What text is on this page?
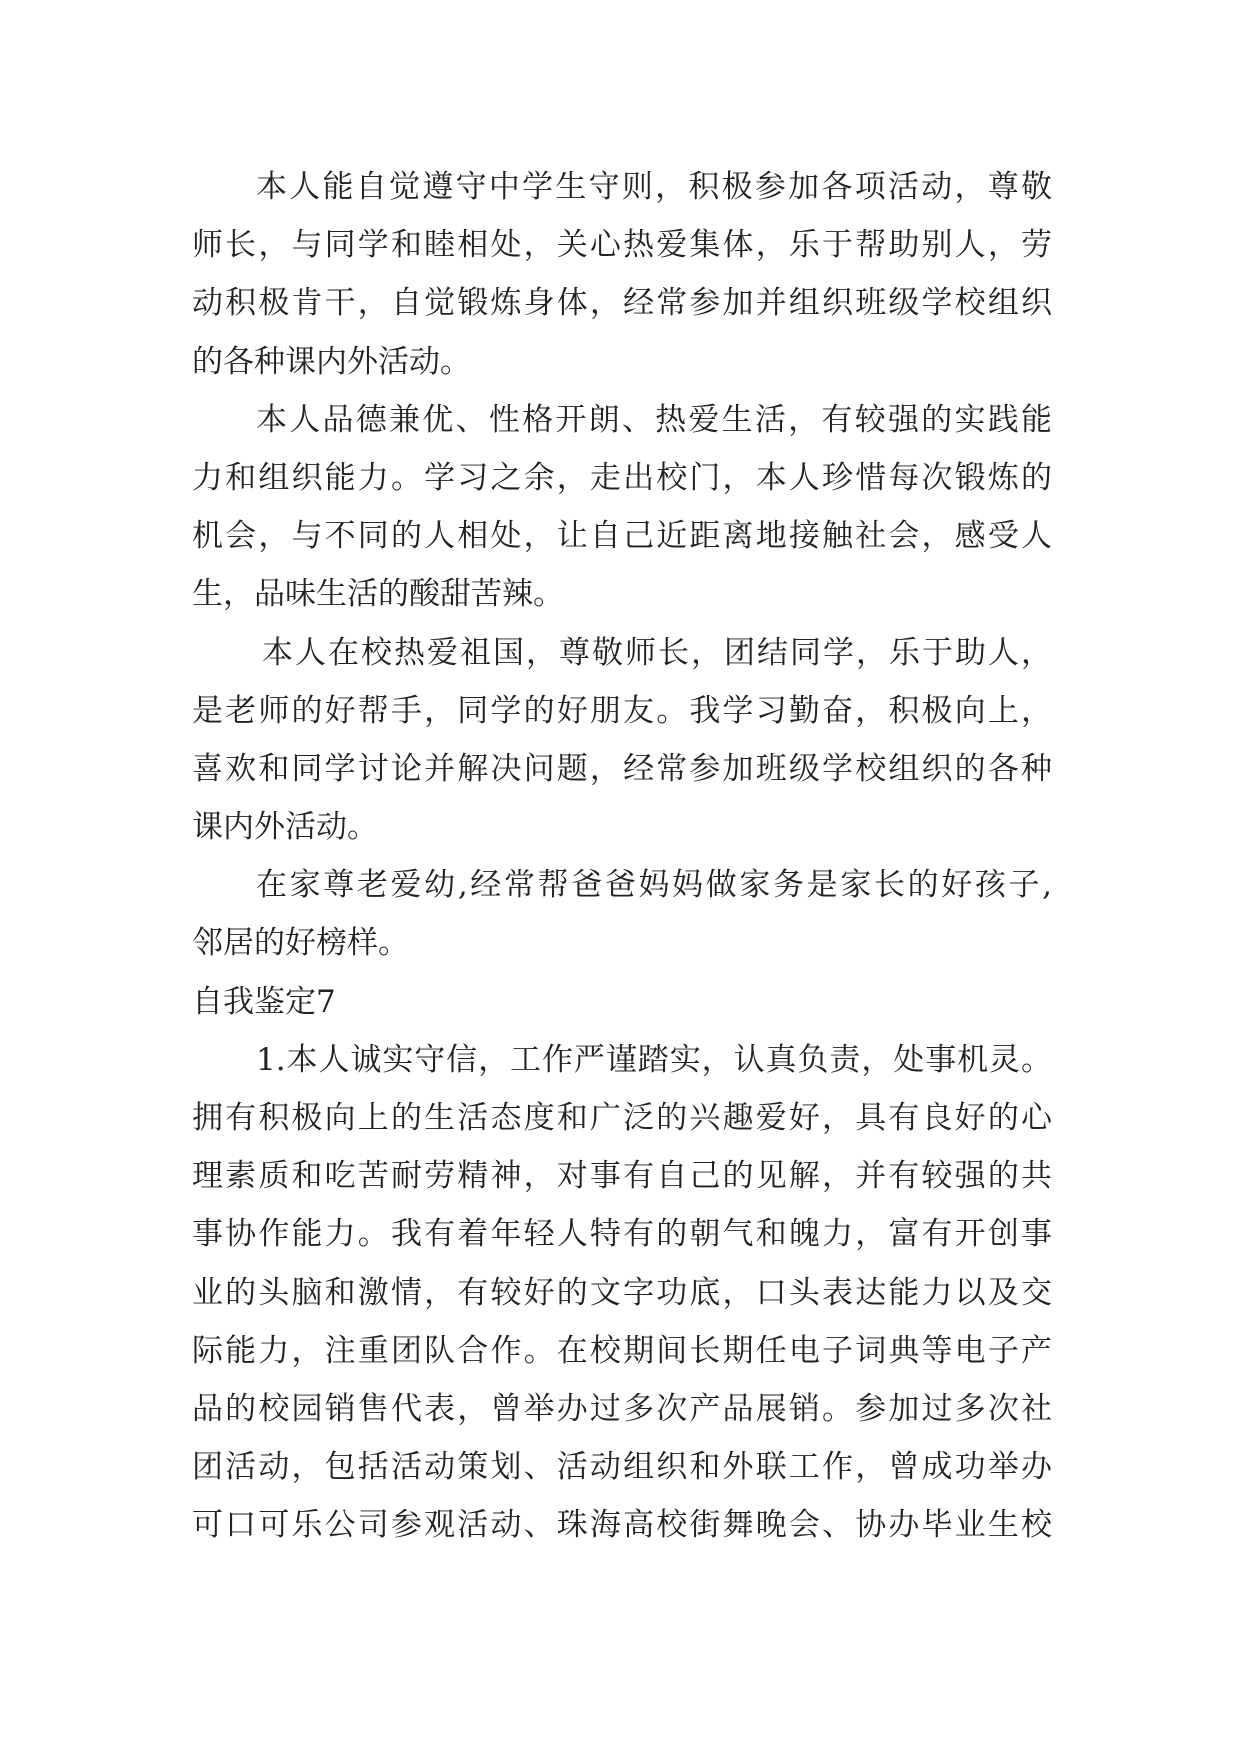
本人能自觉遵守中学生守则，积极参加各项活动，尊敬
师长，与同学和睦相处，关心热爱集体，乐于帮助别人，劳
动积极肯干，自觉锻炼身体，经常参加并组织班级学校组织
的各种课内外活动。
本人品德兼优、性格开朗、热爱生活，有较强的实践能
力和组织能力。学习之余，走出校门，本人珍惜每次锻炼的
机会，与不同的人相处，让自己近距离地接触社会，感受人
生，品味生活的酸甜苦辣。
本人在校热爱祖国，尊敬师长，团结同学，乐于助人，
是老师的好帮手，同学的好朋友。我学习勤奋，积极向上，
喜欢和同学讨论并解决问题，经常参加班级学校组织的各种
课内外活动。
在家尊老爱幼,经常帮爸爸妈妈做家务是家长的好孩子,
邻居的好榜样。
自我鉴定7
1.本人诚实守信，工作严谨踏实，认真负责，处事机灵。
拥有积极向上的生活态度和广泛的兴趣爱好，具有良好的心
理素质和吃苦耐劳精神，对事有自己的见解，并有较强的共
事协作能力。我有着年轻人特有的朝气和魄力，富有开创事
业的头脑和激情，有较好的文字功底，口头表达能力以及交
际能力，注重团队合作。在校期间长期任电子词典等电子产
品的校园销售代表，曾举办过多次产品展销。参加过多次社
团活动，包括活动策划、活动组织和外联工作，曾成功举办
可口可乐公司参观活动、珠海高校街舞晚会、协办毕业生校
